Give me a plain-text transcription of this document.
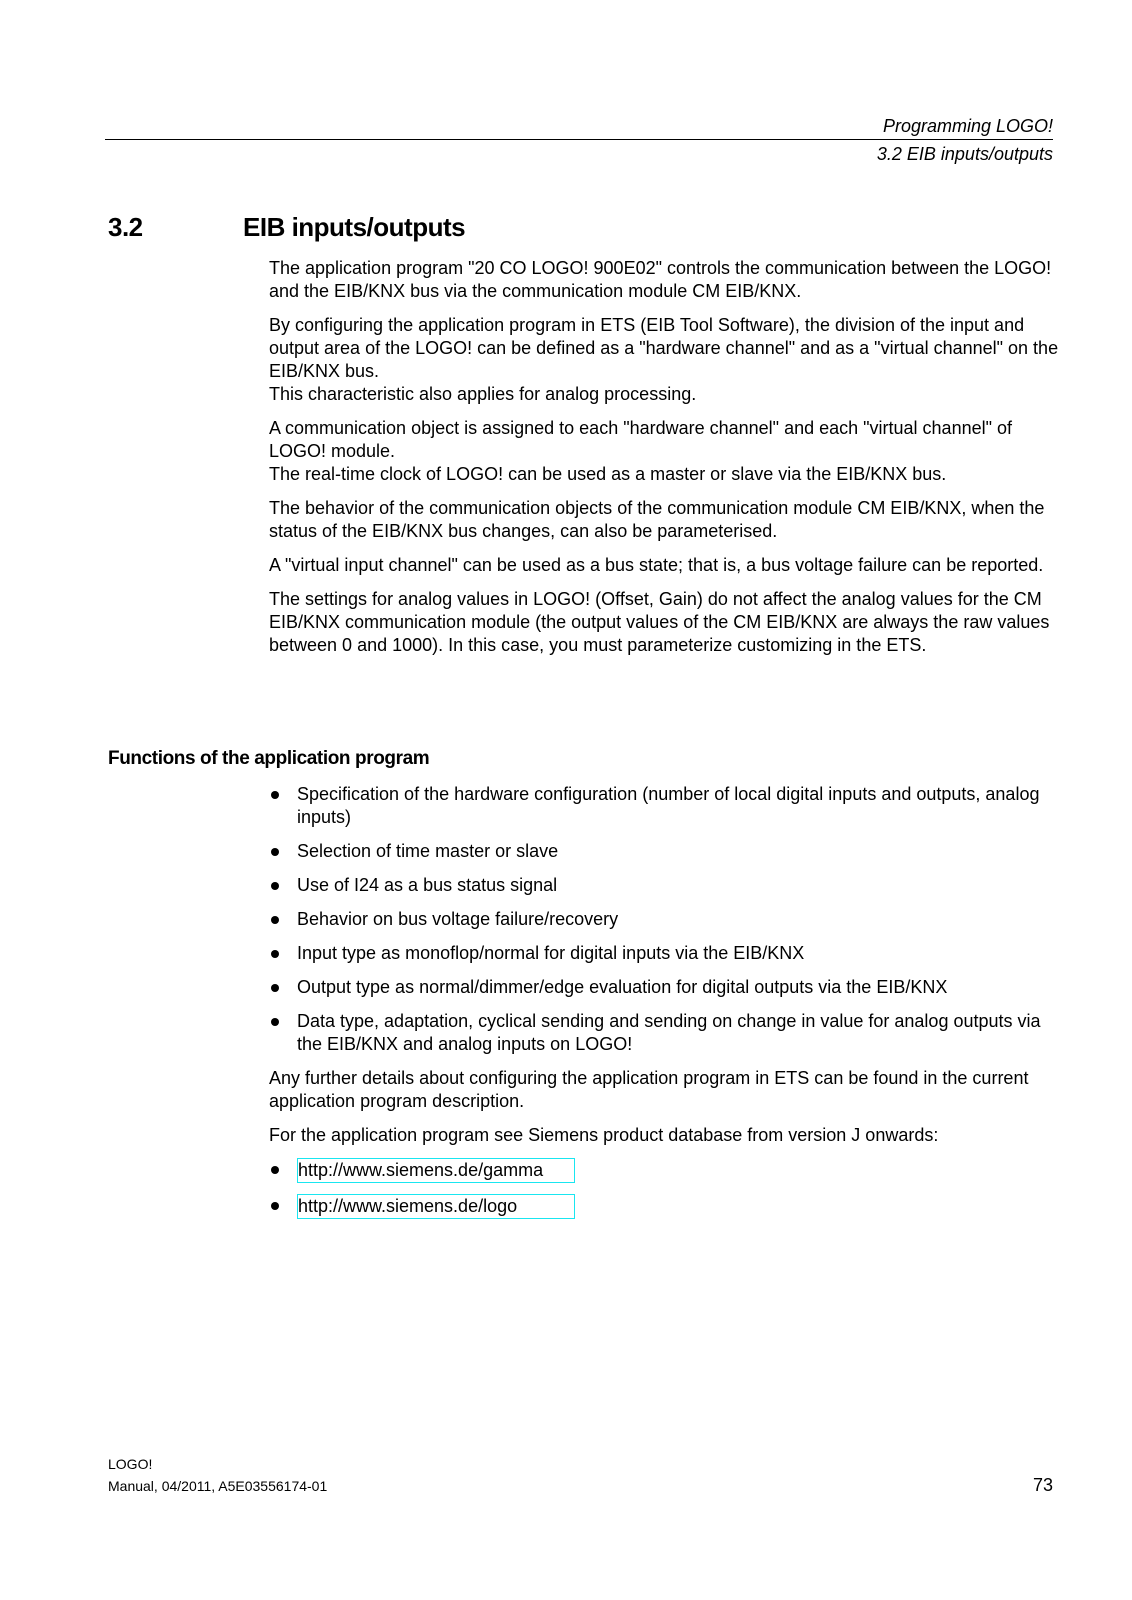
Programming LOGO!
3.2 EIB inputs/outputs
3.2	EIB inputs/outputs

The application program "20 CO LOGO! 900E02" controls the communication between the LOGO! and the EIB/KNX bus via the communication module CM EIB/KNX.

By configuring the application program in ETS (EIB Tool Software), the division of the input and output area of the LOGO! can be defined as a "hardware channel" and as a "virtual channel" on the EIB/KNX bus.
This characteristic also applies for analog processing.

A communication object is assigned to each "hardware channel" and each "virtual channel" of LOGO! module.
The real-time clock of LOGO! can be used as a master or slave via the EIB/KNX bus.

The behavior of the communication objects of the communication module CM EIB/KNX, when the status of the EIB/KNX bus changes, can also be parameterised.

A "virtual input channel" can be used as a bus state; that is, a bus voltage failure can be reported.

The settings for analog values in LOGO! (Offset, Gain) do not affect the analog values for the CM EIB/KNX communication module (the output values of the CM EIB/KNX are always the raw values between 0 and 1000). In this case, you must parameterize customizing in the ETS.

Functions of the application program
Specification of the hardware configuration (number of local digital inputs and outputs, analog inputs)
Selection of time master or slave
Use of I24 as a bus status signal
Behavior on bus voltage failure/recovery
Input type as monoflop/normal for digital inputs via the EIB/KNX
Output type as normal/dimmer/edge evaluation for digital outputs via the EIB/KNX
Data type, adaptation, cyclical sending and sending on change in value for analog outputs via the EIB/KNX and analog inputs on LOGO!

Any further details about configuring the application program in ETS can be found in the current application program description.

For the application program see Siemens product database from version J onwards:

http://www.siemens.de/gamma
http://www.siemens.de/logo
LOGO!
Manual, 04/2011, A5E03556174-01	73
